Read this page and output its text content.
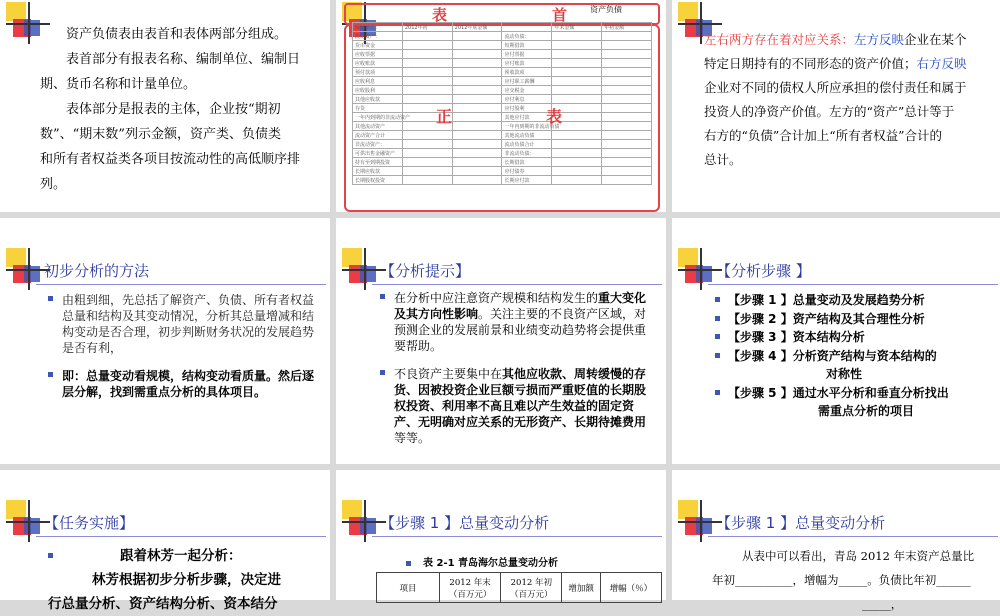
资产负债表由表首和表体两部分组成。
表首部分有报表名称、编制单位、编制日
期、货币名称和计量单位。
表体部分是报表的主体，企业按“期初
数”、“期末数”列示金额，资产类、负债类
和所有者权益类各项目按流动性的高低顺序排
列。
资产负债
表	首
编制单位：	2012年初	2012年底金额		年末金额	年初金额
流动资产：			流动负债：		
货币资金			短期借款		
应收票据			应付票据		
应收账款			应付账款		
预付款项			预收款项		
应收利息			应付职工薪酬		
应收股利			应交税金		
其他应收款			应付利息		
存货			应付股利		
一年内到期的非流动资产			其他应付款		
其他流动资产			一年内到期的非流动负债		
流动资产合计			其他流动负债		
非流动资产：			流动负债合计		
可供出售金融资产			非流动负债：		
持有至到期投资			长期借款		
长期应收款			应付债券		
长期股权投资			长期应付款		
正	表
左右两方存在着对应关系：左方反映企业在某个
特定日期持有的不同形态的资产价值；右方反映
企业对不同的债权人所应承担的偿付责任和属于
投资人的净资产价值。左方的“资产”总计等于
右方的“负债”合计加上“所有者权益”合计的
总计。
初步分析的方法
由粗到细，先总括了解资产、负债、所有者权益总量和结构及其变动情况，分析其总量增减和结构变动是否合理，初步判断财务状况的发展趋势是否有利，
即：总量变动看规模，结构变动看质量。然后逐层分解，找到需重点分析的具体项目。
【分析提示】
在分析中应注意资产规模和结构发生的重大变化及其方向性影响。关注主要的不良资产区域，对预测企业的发展前景和业绩变动趋势将会提供重要帮助。
不良资产主要集中在其他应收款、周转缓慢的存货、因被投资企业巨额亏损而严重贬值的长期股权投资、利用率不高且难以产生效益的固定资产、无明确对应关系的无形资产、长期待摊费用等等。
【分析步骤 】
【步骤 1 】总量变动及发展趋势分析
【步骤 2 】资产结构及其合理性分析
【步骤 3 】资本结构分析
【步骤 4 】分析资产结构与资本结构的
对称性
【步骤 5 】通过水平分析和垂直分析找出
需重点分析的项目
【任务实施】
跟着林芳一起分析：
林芳根据初步分析步骤，决定进
行总量分析、资产结构分析、资本结分
【步骤 1 】总量变动分析
表 2-1 青岛海尔总量变动分析
项目	2012 年末
（百万元）	2012 年初
（百万元）	增加额	增幅（％）
【步骤 1 】总量变动分析
从表中可以看出，青岛 2012 年末资产总量比
年初__________，增幅为_____。负债比年初______
_____，
